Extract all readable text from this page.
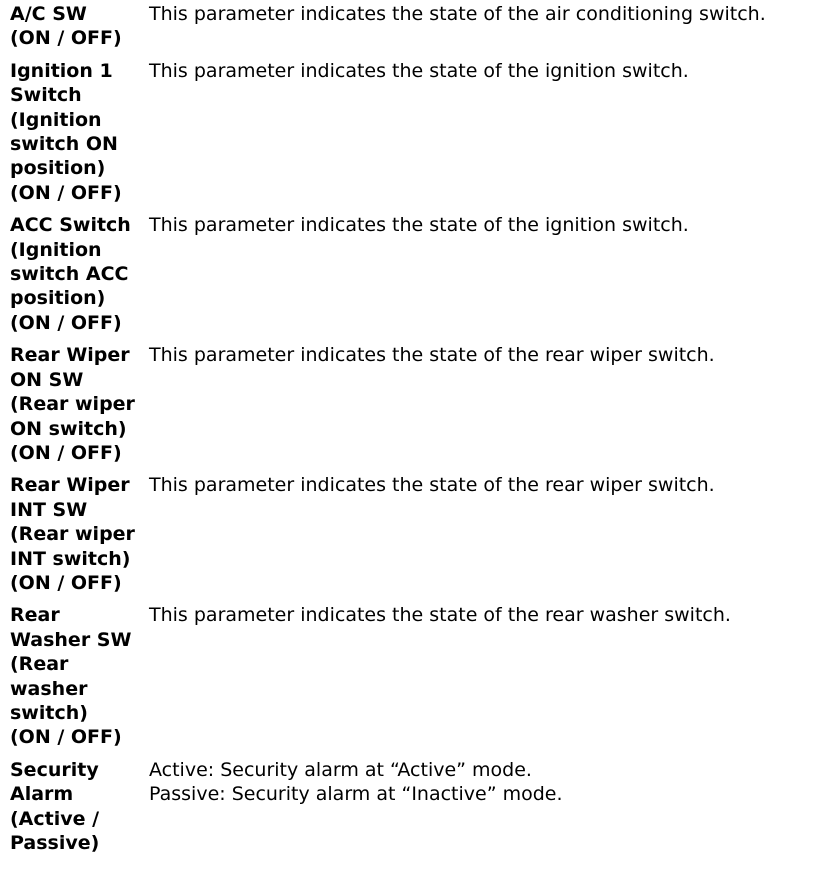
A/C SW
(ON / OFF)
This parameter indicates the state of the air conditioning switch.
Ignition 1
Switch
(Ignition
switch ON
position)
(ON / OFF)
This parameter indicates the state of the ignition switch.
ACC Switch
(Ignition
switch ACC
position)
(ON / OFF)
This parameter indicates the state of the ignition switch.
Rear Wiper
ON SW
(Rear wiper
ON switch)
(ON / OFF)
This parameter indicates the state of the rear wiper switch.
Rear Wiper
INT SW
(Rear wiper
INT switch)
(ON / OFF)
This parameter indicates the state of the rear wiper switch.
Rear
Washer SW
(Rear
washer
switch)
(ON / OFF)
This parameter indicates the state of the rear washer switch.
Security
Alarm
(Active /
Passive)
Active: Security alarm at “Active” mode.
Passive: Security alarm at “Inactive” mode.
